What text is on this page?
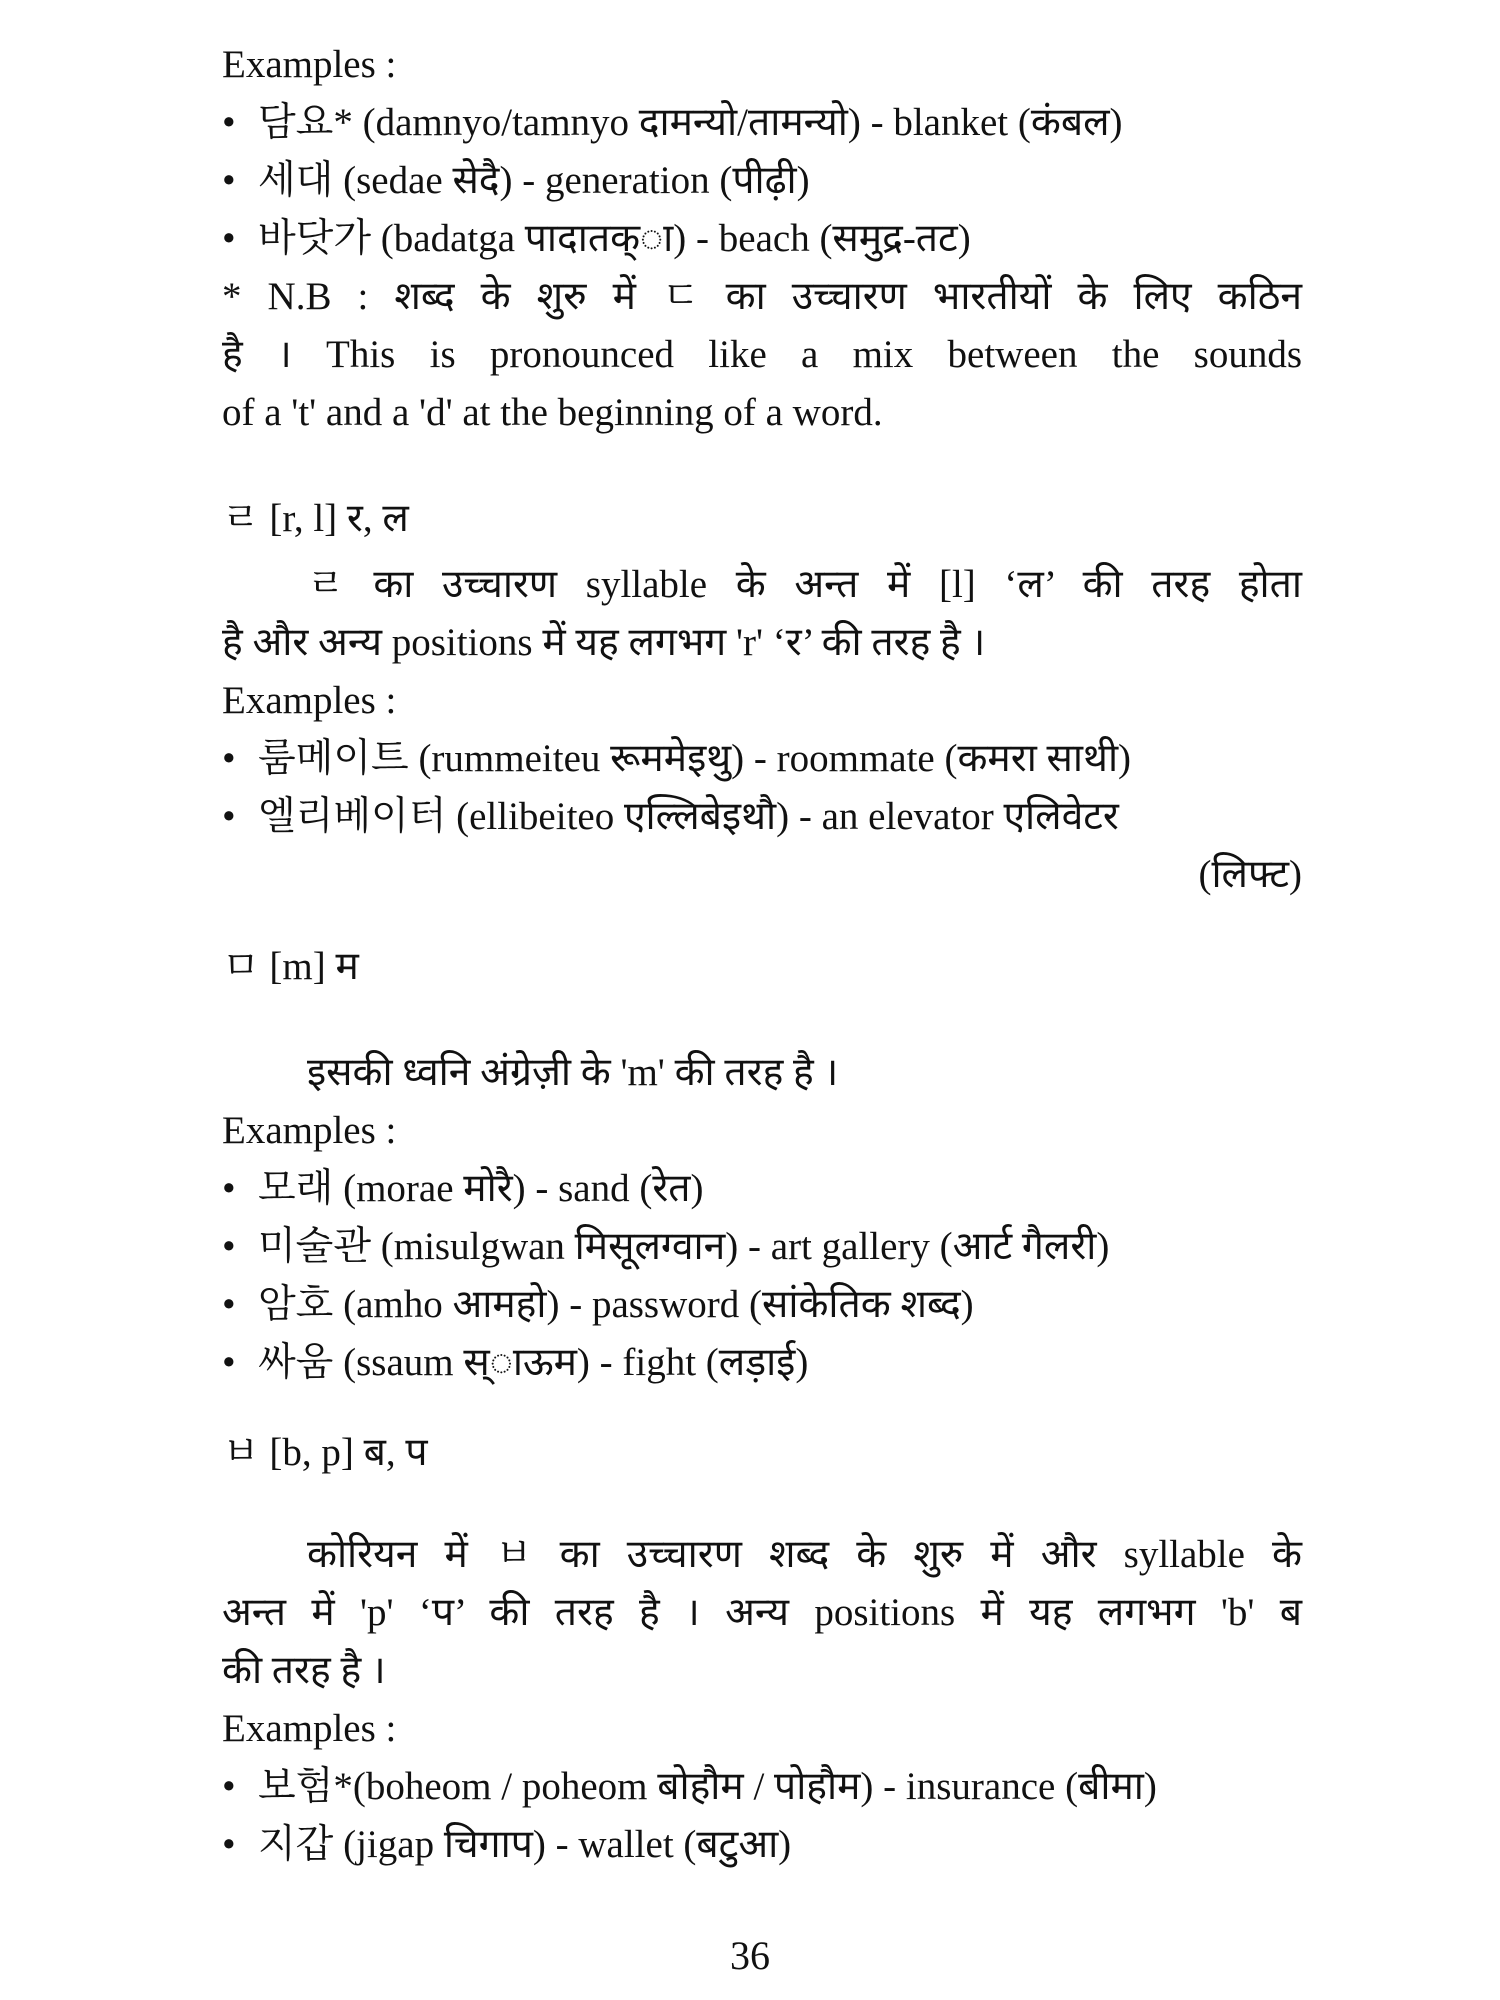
Examples :
• 담요* (damnyo/tamnyo दामन्यो/तामन्यो) - blanket (कंबल)
• 세대 (sedae सेदै) - generation (पीढ़ी)
• 바닷가 (badatga पादातक्ा) - beach (समुद्र-तट)
* N.B : शब्द के शुरु में ㄷ का उच्चारण भारतीयों के लिए कठिन
है । This is pronounced like a mix between the sounds
of a 't' and a 'd' at the beginning of a word.
ㄹ [r, l] र, ल
ㄹ का उच्चारण syllable के अन्त में [l] ‘ल’ की तरह होता
है और अन्य positions में यह लगभग 'r' ‘र’ की तरह है ।
Examples :
• 룸메이트 (rummeiteu रूममेइथु) - roommate (कमरा साथी)
• 엘리베이터 (ellibeiteo एल्लिबेइथौ) - an elevator एलिवेटर
(लिफ्ट)
ㅁ [m] म
इसकी ध्वनि अंग्रेज़ी के 'm' की तरह है ।
Examples :
• 모래 (morae मोरै) - sand (रेत)
• 미술관 (misulgwan मिसूलग्वान) - art gallery (आर्ट गैलरी)
• 암호 (amho आमहो) - password (सांकेतिक शब्द)
• 싸움 (ssaum स्ाऊम) - fight (लड़ाई)
ㅂ [b, p] ब, प
कोरियन में ㅂ का उच्चारण शब्द के शुरु में और syllable के
अन्त में 'p' ‘प’ की तरह है । अन्य positions में यह लगभग 'b' ब
की तरह है ।
Examples :
• 보험*(boheom / poheom बोहौम / पोहौम) - insurance (बीमा)
• 지갑 (jigap चिगाप) - wallet (बटुआ)
36
